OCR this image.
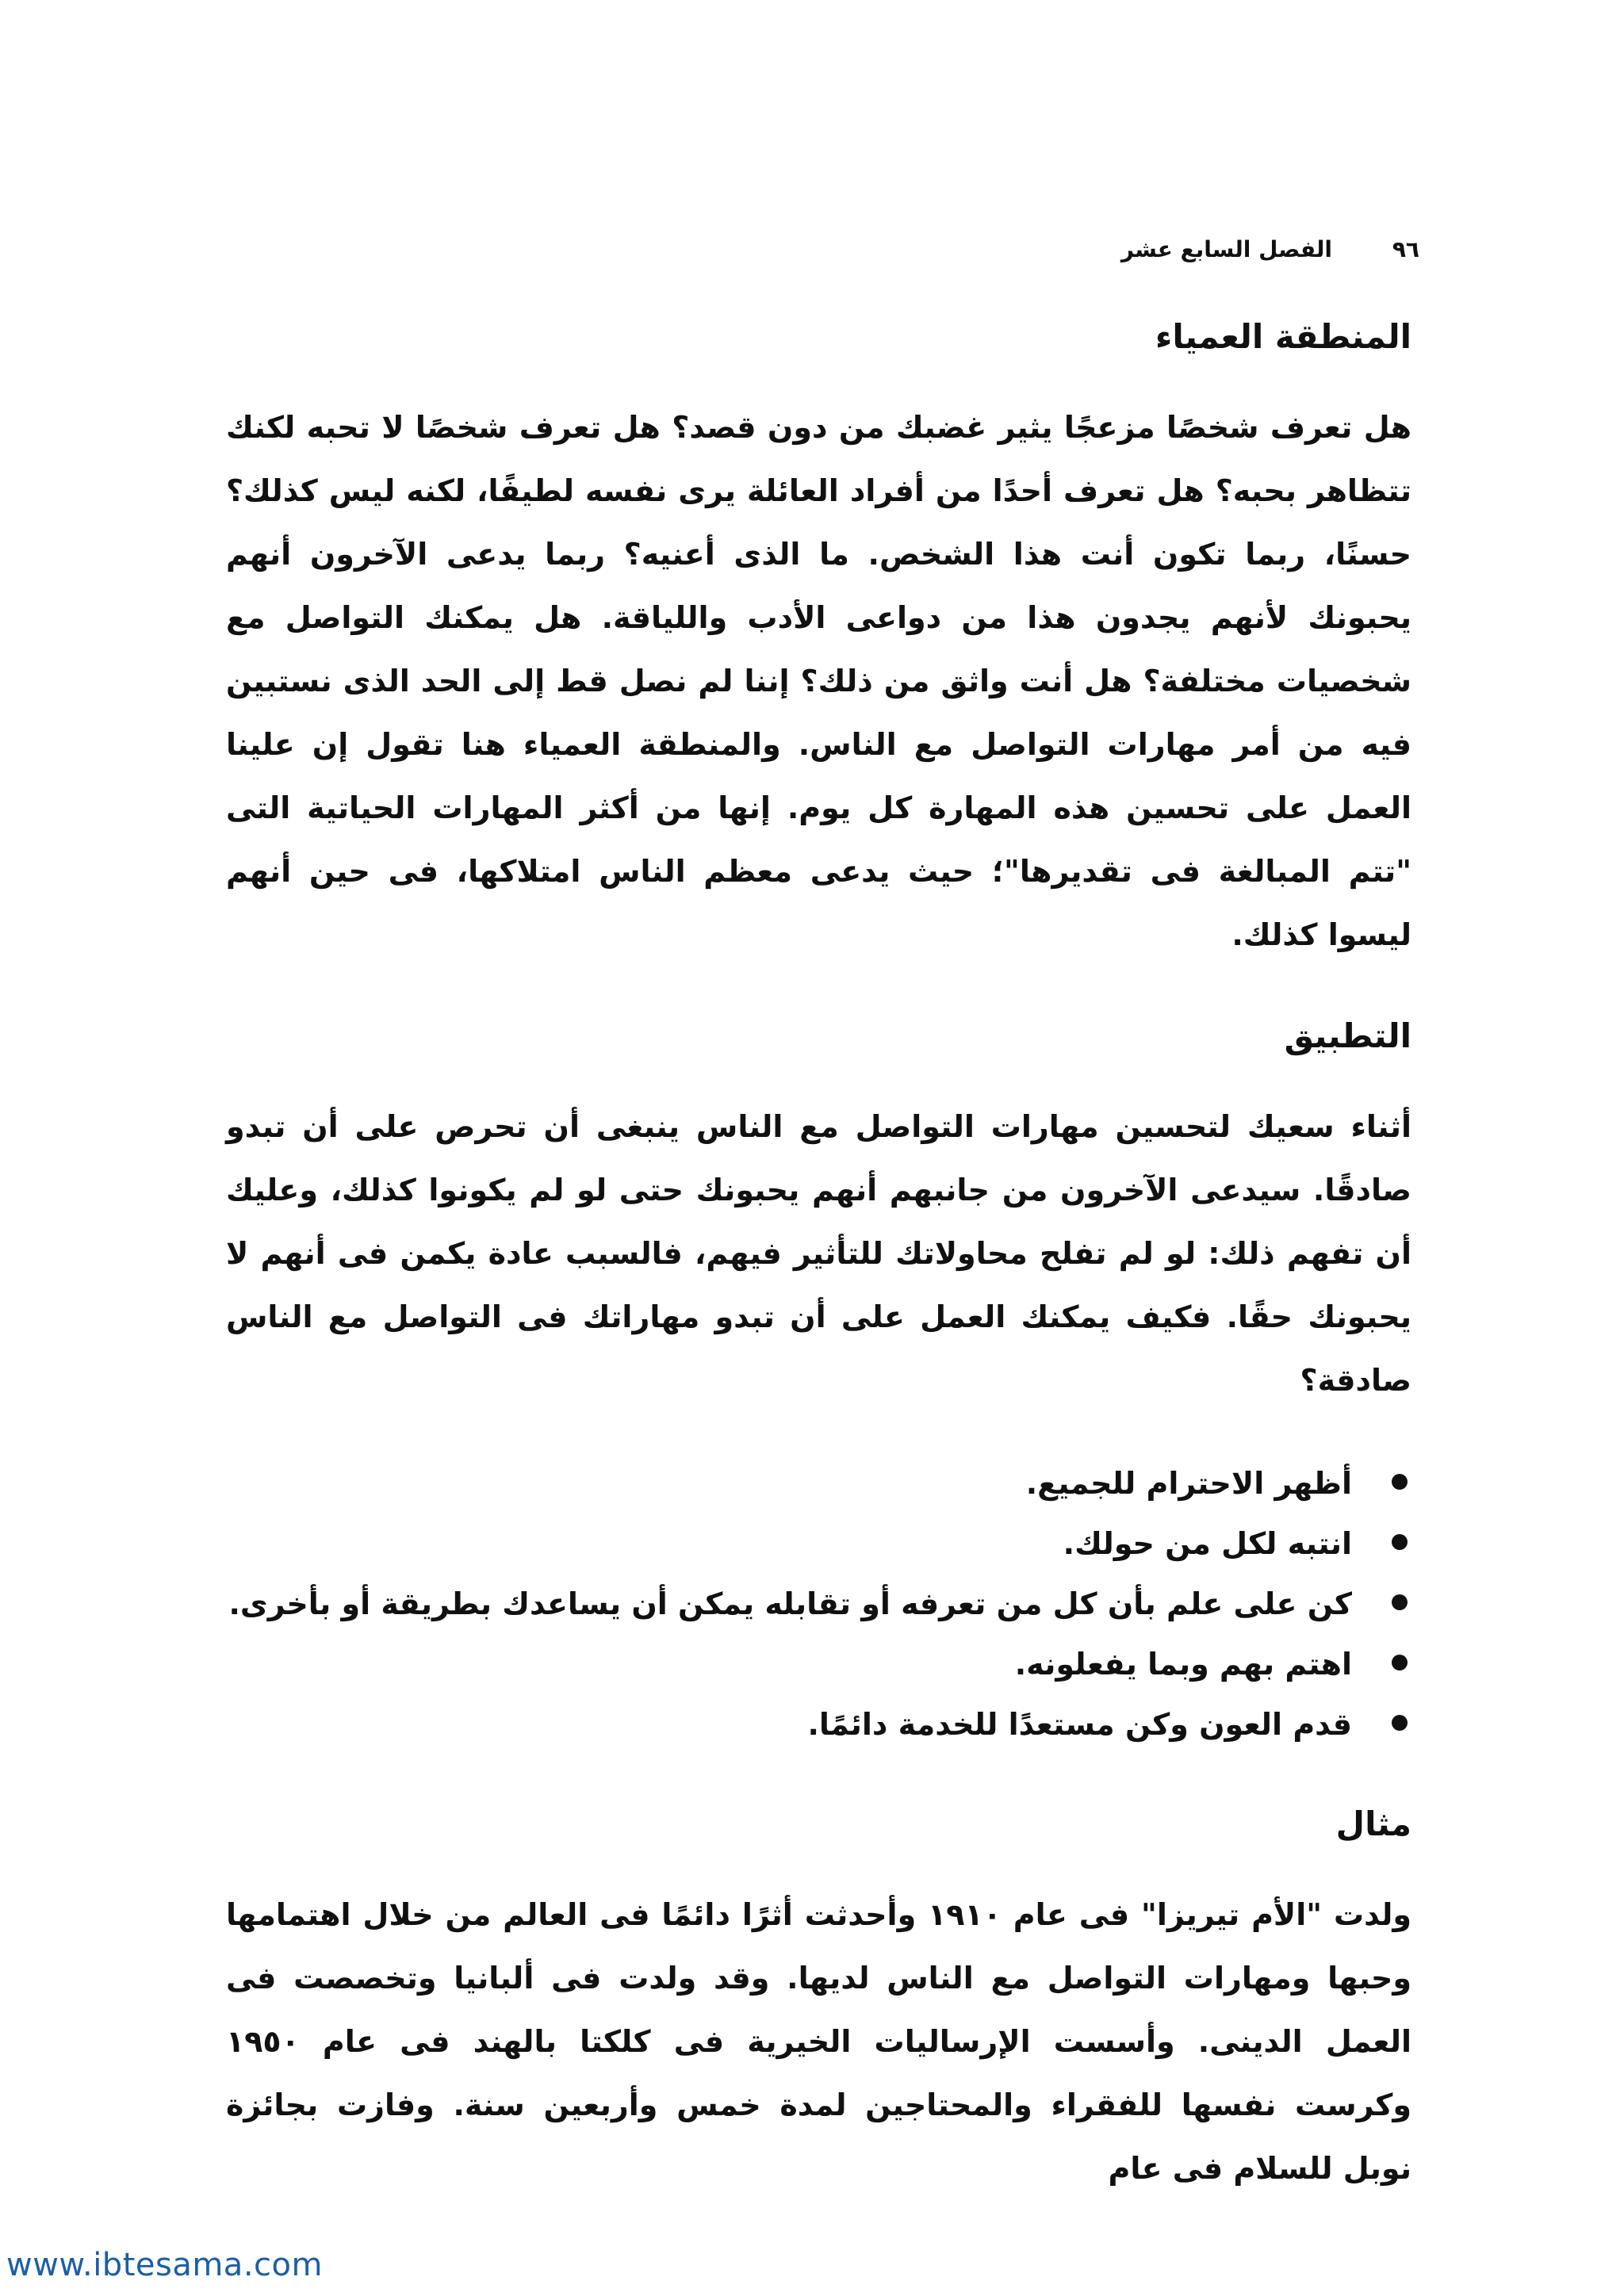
٩٦
الفصل السابع عشر
المنطقة العمياء

هل تعرف شخصًا مزعجًا يثير غضبك من دون قصد؟ هل تعرف شخصًا لا تحبه لكنك تتظاهر بحبه؟ هل تعرف أحدًا من أفراد العائلة يرى نفسه لطيفًا، لكنه ليس كذلك؟ حسنًا، ربما تكون أنت هذا الشخص. ما الذى أعنيه؟ ربما يدعى الآخرون أنهم يحبونك لأنهم يجدون هذا من دواعى الأدب واللياقة. هل يمكنك التواصل مع شخصيات مختلفة؟ هل أنت واثق من ذلك؟ إننا لم نصل قط إلى الحد الذى نستبين فيه من أمر مهارات التواصل مع الناس. والمنطقة العمياء هنا تقول إن علينا العمل على تحسين هذه المهارة كل يوم. إنها من أكثر المهارات الحياتية التى "تتم المبالغة فى تقديرها"؛ حيث يدعى معظم الناس امتلاكها، فى حين أنهم ليسوا كذلك.

التطبيق

أثناء سعيك لتحسين مهارات التواصل مع الناس ينبغى أن تحرص على أن تبدو صادقًا. سيدعى الآخرون من جانبهم أنهم يحبونك حتى لو لم يكونوا كذلك، وعليك أن تفهم ذلك: لو لم تفلح محاولاتك للتأثير فيهم، فالسبب عادة يكمن فى أنهم لا يحبونك حقًا. فكيف يمكنك العمل على أن تبدو مهاراتك فى التواصل مع الناس صادقة؟

أظهر الاحترام للجميع.
انتبه لكل من حولك.
كن على علم بأن كل من تعرفه أو تقابله يمكن أن يساعدك بطريقة أو بأخرى.
اهتم بهم وبما يفعلونه.
قدم العون وكن مستعدًا للخدمة دائمًا.
مثال

ولدت "الأم تيريزا" فى عام ١٩١٠ وأحدثت أثرًا دائمًا فى العالم من خلال اهتمامها وحبها ومهارات التواصل مع الناس لديها. وقد ولدت فى ألبانيا وتخصصت فى العمل الدينى. وأسست الإرساليات الخيرية فى كلكتا بالهند فى عام ١٩٥٠ وكرست نفسها للفقراء والمحتاجين لمدة خمس وأربعين سنة. وفازت بجائزة نوبل للسلام فى عام

www.ibtesama.com
